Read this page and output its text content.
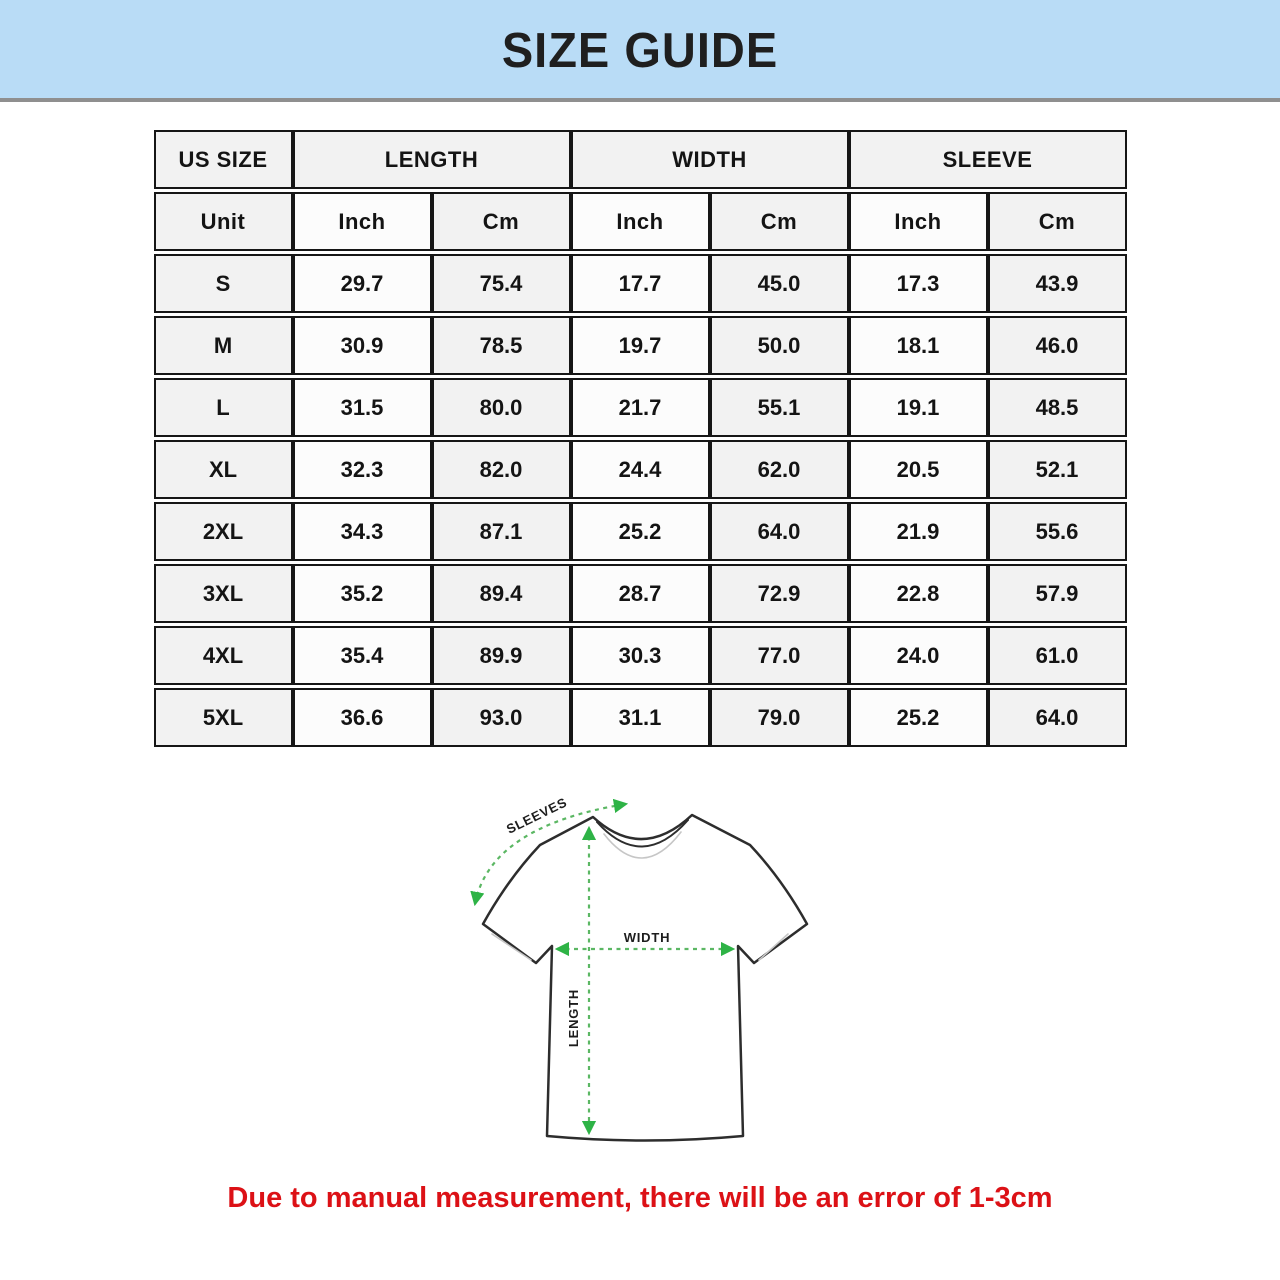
SIZE GUIDE
US SIZE	LENGTH		WIDTH		SLEEVE	
Unit	Inch	Cm	Inch	Cm	Inch	Cm
S	29.7	75.4	17.7	45.0	17.3	43.9
M	30.9	78.5	19.7	50.0	18.1	46.0
L	31.5	80.0	21.7	55.1	19.1	48.5
XL	32.3	82.0	24.4	62.0	20.5	52.1
2XL	34.3	87.1	25.2	64.0	21.9	55.6
3XL	35.2	89.4	28.7	72.9	22.8	57.9
4XL	35.4	89.9	30.3	77.0	24.0	61.0
5XL	36.6	93.0	31.1	79.0	25.2	64.0
SLEEVES
WIDTH
LENGTH

Due to manual measurement, there will be an error of 1-3cm
